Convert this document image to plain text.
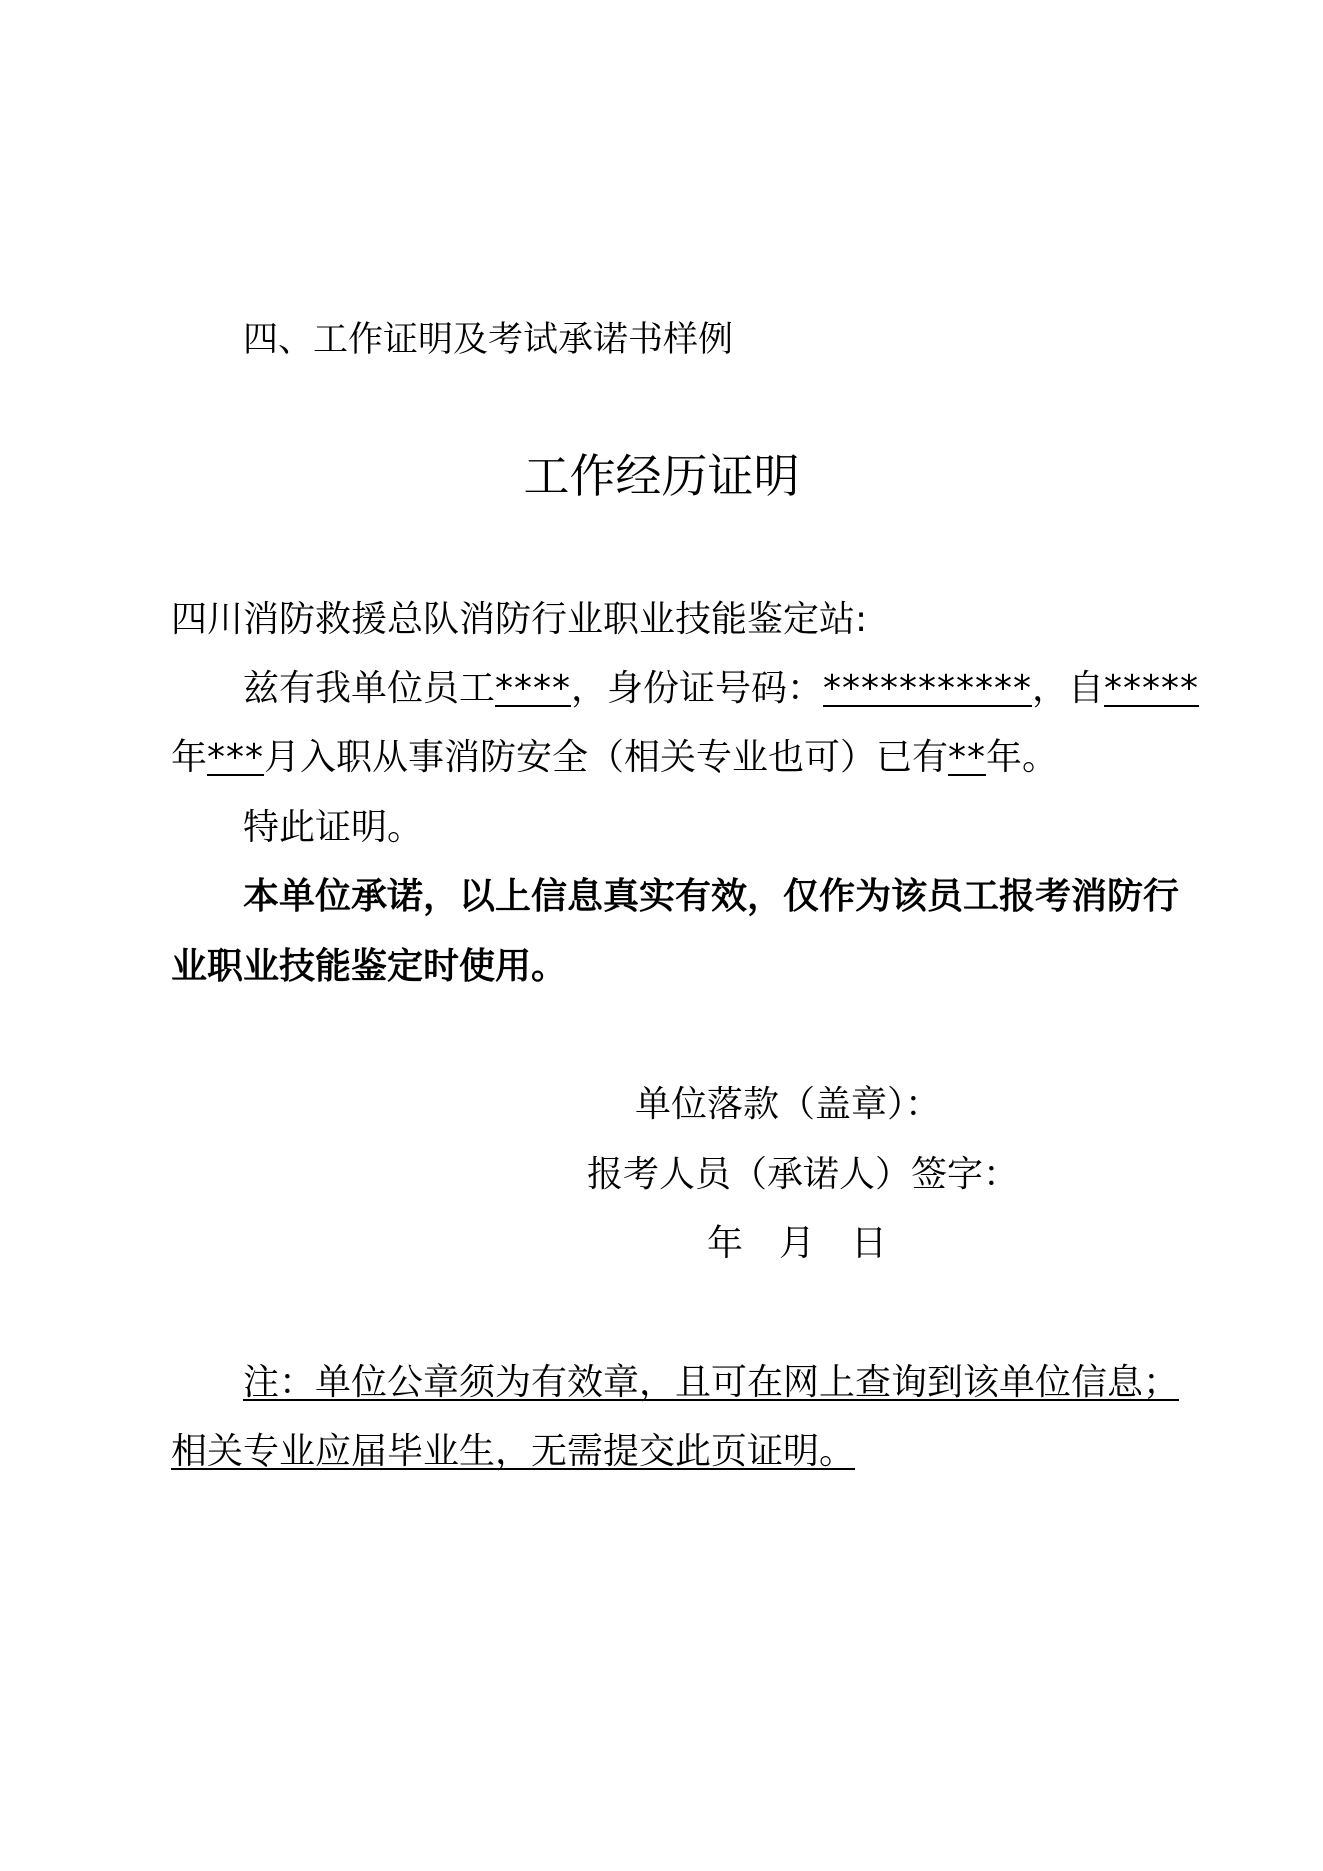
四、工作证明及考试承诺书样例
工作经历证明
四川消防救援总队消防行业职业技能鉴定站:
兹有我单位员工****，身份证号码：***********，自*****
年***月入职从事消防安全（相关专业也可）已有**年。
特此证明。
本单位承诺，以上信息真实有效，仅作为该员工报考消防行
业职业技能鉴定时使用。
单位落款（盖章）：
报考人员（承诺人）签字：
年 月 日
注：单位公章须为有效章，且可在网上查询到该单位信息；
相关专业应届毕业生，无需提交此页证明。
